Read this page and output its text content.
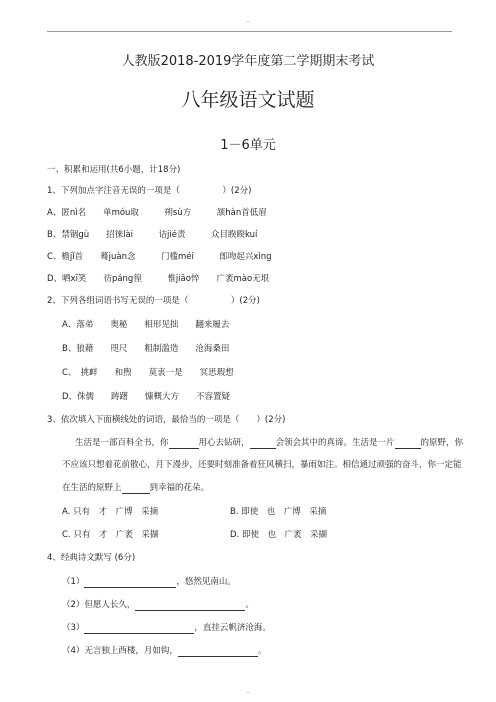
..
人教版2018-2019学年度第二学期期末考试
八年级语文试题
1－6单元
一、积累和运用(共6小题，计18分)
1、下列加点字注音无误的一项是（　　　　　）(2分)
A、匿nì名　　单móu取　　　朔sù方　　　颔hàn首低眉
B、禁锢gù　　招徕lài　　　诘jié责　　　众目睽睽kuí
C、檐jǐ首　　蓦juàn念　　　门槛méi　　　郎吻起兴xìng
D、哂xī笑　　彷páng徨　　　惟jiāo悴　　广袤mào无垠
2、下列各组词语书写无误的一项是（　　　　　）(2分)
A、落弟　　奥秘　　相形见拙　　翻来履去
B、狼藉　　咫尺　　粗制滥造　　沧海桑田
C、　挑衅　　和煦　　莫衷一是　　冥思瑕想
D、侏儒　　踌躇　　慷概大方　　不容置疑
3、依次填入下面横线处的词语，最恰当的一项是（　　）(2分)
生活是一部百科全书，你	用心去钻研，	会领会其中的真谛。生活是一片	的原野，你
不应该只想着花前散心，月下漫步，还要时刻准备着狂风横扫，暴雨如注。相信通过顽强的奋斗，你一定能
在生活的原野上	到幸福的花朵。
A. 只有　才　广博　采摘	B. 即使　也　广博　采摘
C. 只有　才　广袤　采撷	D. 即使　也　广袤　采撷
4、经典诗文默写 (6分)
（1）	，悠然见南山。
（2）但愿人长久，	。
（3）	，直挂云帆济沧海。
（4）无言独上西楼，月如钩，	。
..
